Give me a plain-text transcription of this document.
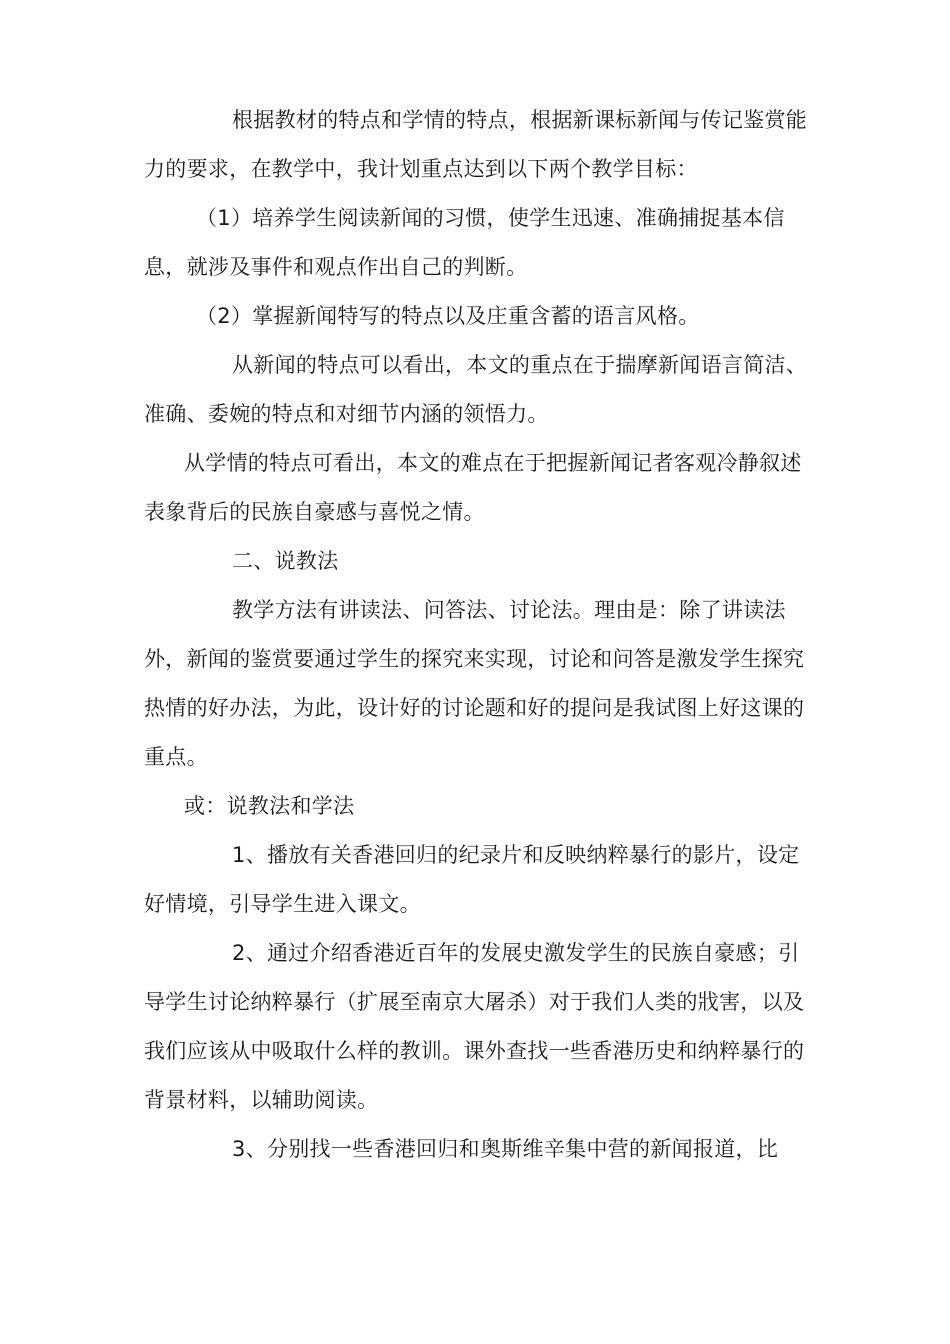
根据教材的特点和学情的特点，根据新课标新闻与传记鉴赏能力的要求，在教学中，我计划重点达到以下两个教学目标：

（1）培养学生阅读新闻的习惯，使学生迅速、准确捕捉基本信息，就涉及事件和观点作出自己的判断。

（2）掌握新闻特写的特点以及庄重含蓄的语言风格。

从新闻的特点可以看出，本文的重点在于揣摩新闻语言简洁、准确、委婉的特点和对细节内涵的领悟力。

从学情的特点可看出，本文的难点在于把握新闻记者客观冷静叙述表象背后的民族自豪感与喜悦之情。

二、说教法

教学方法有讲读法、问答法、讨论法。理由是：除了讲读法外，新闻的鉴赏要通过学生的探究来实现，讨论和问答是激发学生探究热情的好办法，为此，设计好的讨论题和好的提问是我试图上好这课的重点。

或：说教法和学法

1、播放有关香港回归的纪录片和反映纳粹暴行的影片，设定好情境，引导学生进入课文。

2、通过介绍香港近百年的发展史激发学生的民族自豪感；引导学生讨论纳粹暴行（扩展至南京大屠杀）对于我们人类的戕害，以及我们应该从中吸取什么样的教训。课外查找一些香港历史和纳粹暴行的背景材料，以辅助阅读。

3、分别找一些香港回归和奥斯维辛集中营的新闻报道，比
